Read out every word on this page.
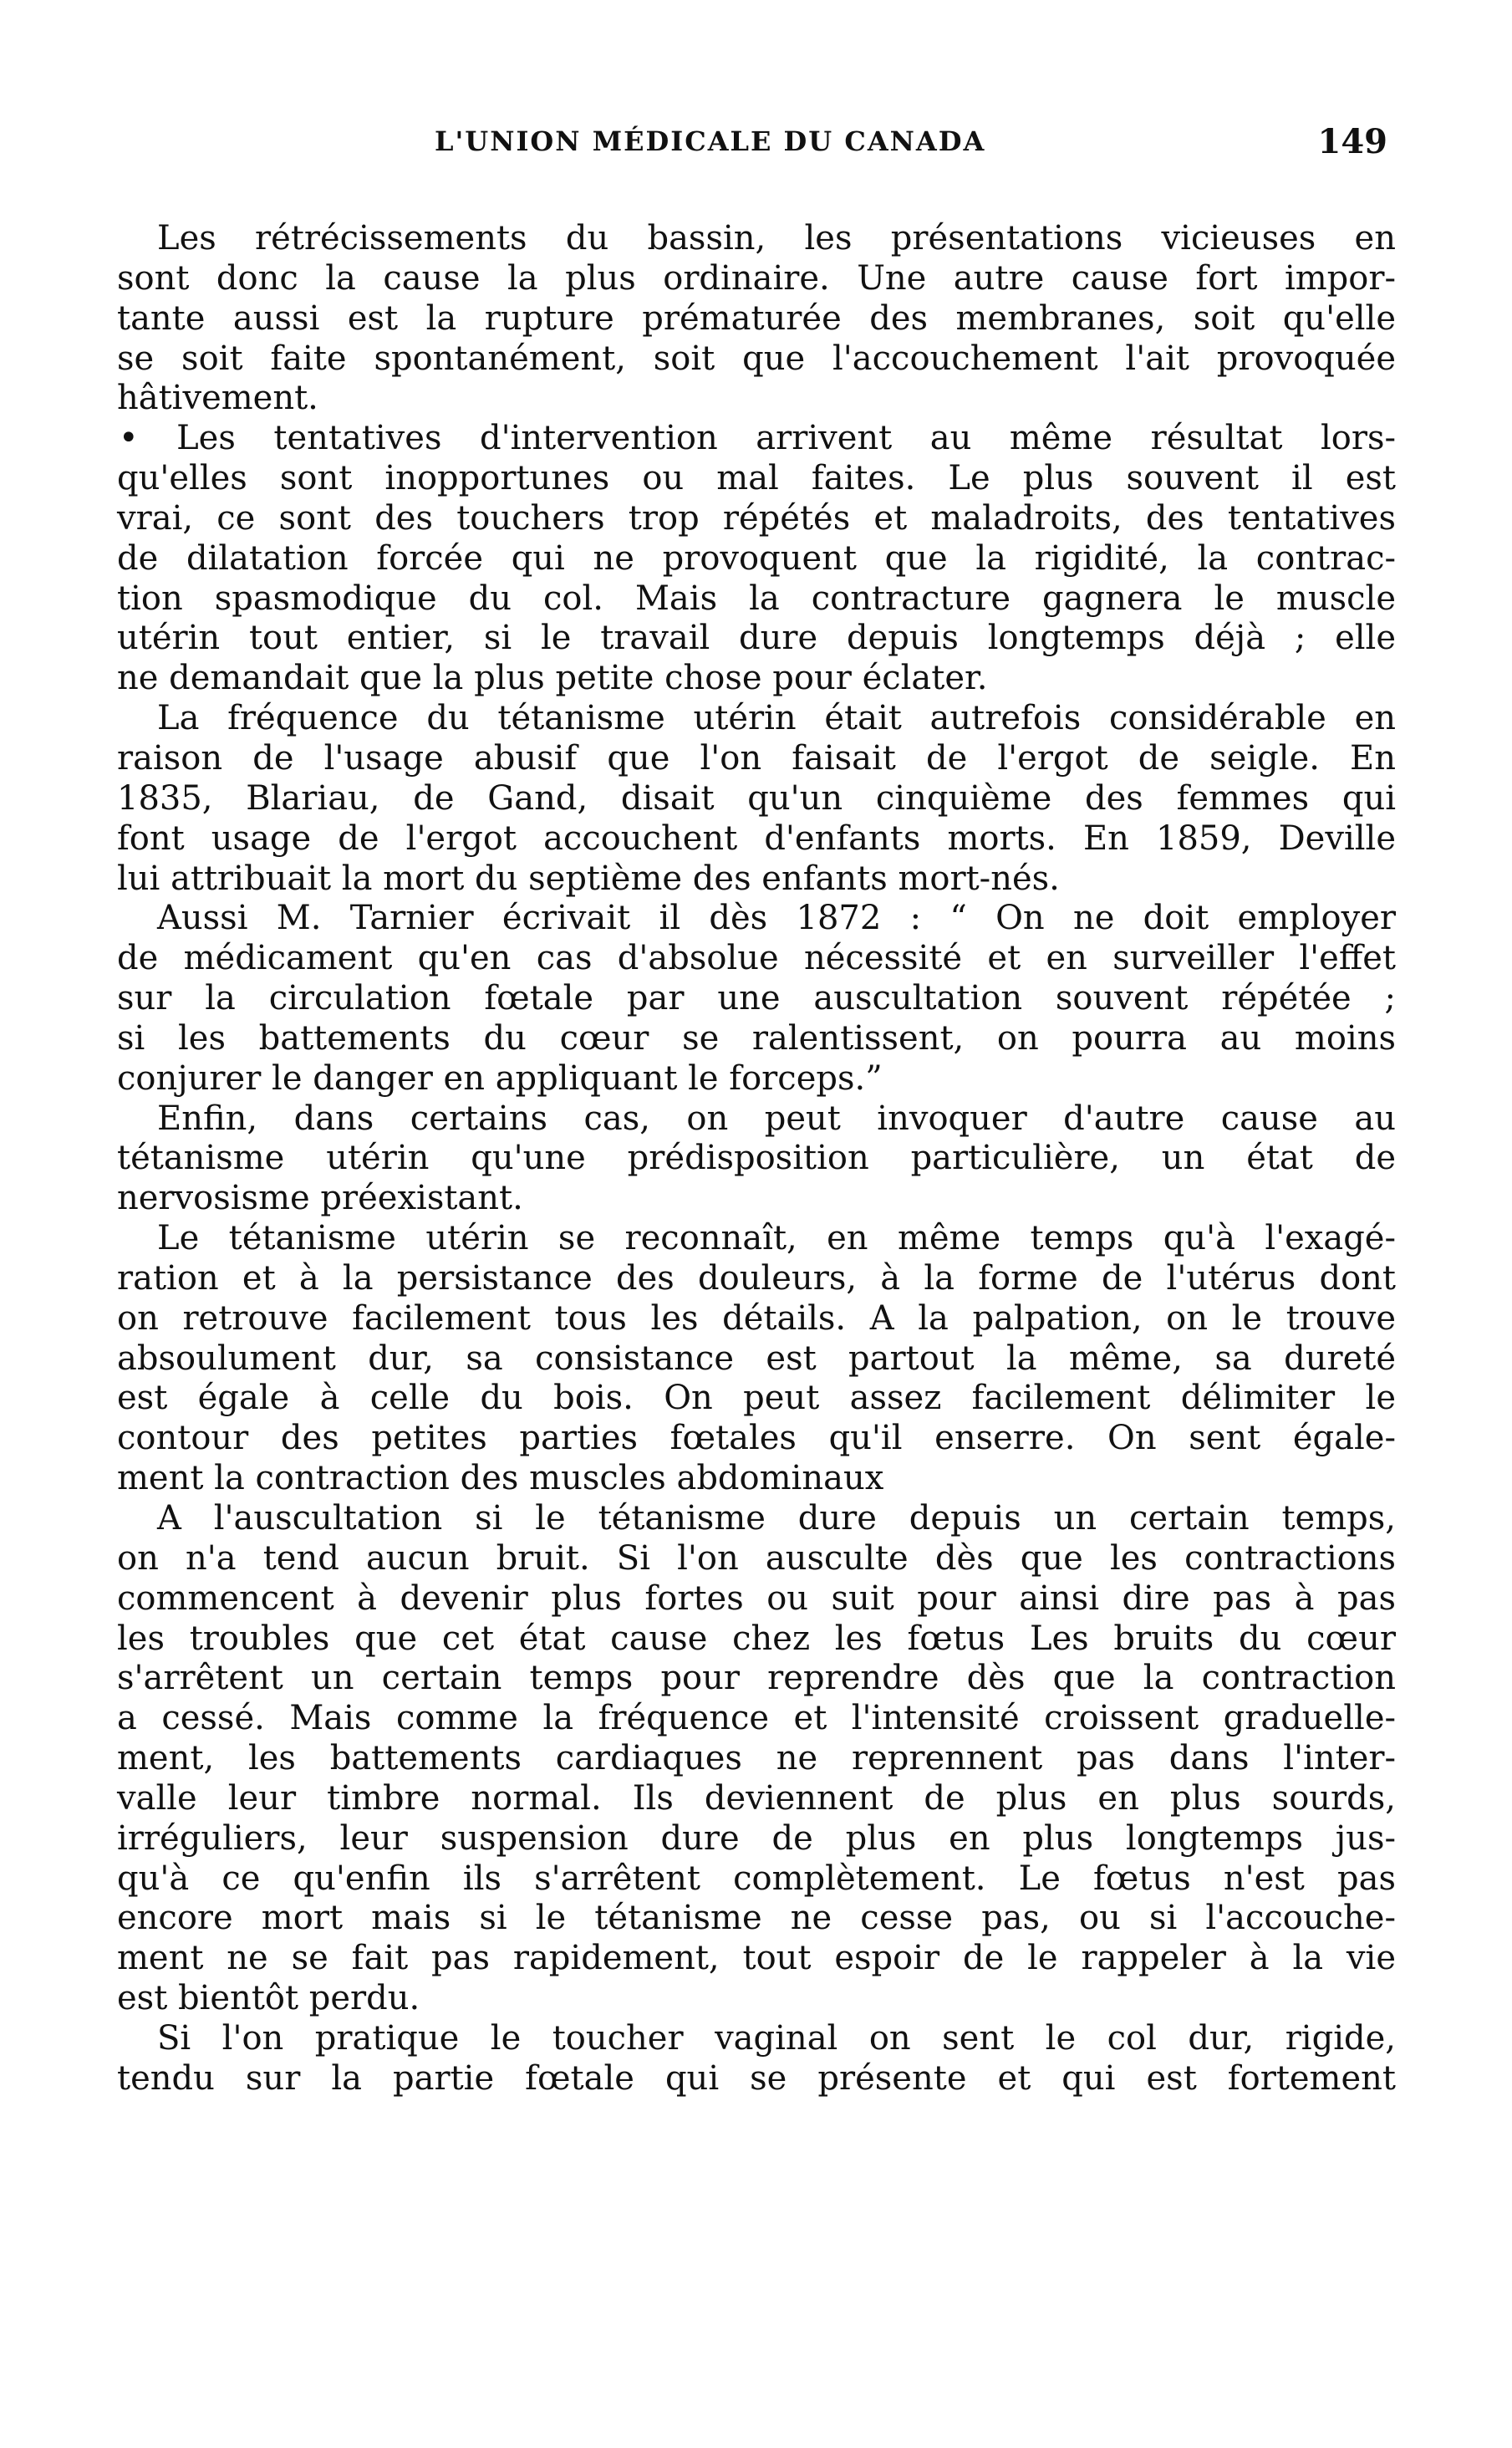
L'UNION MÉDICALE DU CANADA	149
Les rétrécissements du bassin, les présentations vicieuses en
sont donc la cause la plus ordinaire. Une autre cause fort impor-
tante aussi est la rupture prématurée des membranes, soit qu'elle
se soit faite spontanément, soit que l'accouchement l'ait provoquée
hâtivement.
• Les tentatives d'intervention arrivent au même résultat lors-
qu'elles sont inopportunes ou mal faites. Le plus souvent il est
vrai, ce sont des touchers trop répétés et maladroits, des tentatives
de dilatation forcée qui ne provoquent que la rigidité, la contrac-
tion spasmodique du col. Mais la contracture gagnera le muscle
utérin tout entier, si le travail dure depuis longtemps déjà ; elle
ne demandait que la plus petite chose pour éclater.
La fréquence du tétanisme utérin était autrefois considérable en
raison de l'usage abusif que l'on faisait de l'ergot de seigle. En
1835, Blariau, de Gand, disait qu'un cinquième des femmes qui
font usage de l'ergot accouchent d'enfants morts. En 1859, Deville
lui attribuait la mort du septième des enfants mort-nés.
Aussi M. Tarnier écrivait il dès 1872 : “ On ne doit employer
de médicament qu'en cas d'absolue nécessité et en surveiller l'effet
sur la circulation fœtale par une auscultation souvent répétée ;
si les battements du cœur se ralentissent, on pourra au moins
conjurer le danger en appliquant le forceps.”
Enfin, dans certains cas, on peut invoquer d'autre cause au
tétanisme utérin qu'une prédisposition particulière, un état de
nervosisme préexistant.
Le tétanisme utérin se reconnaît, en même temps qu'à l'exagé-
ration et à la persistance des douleurs, à la forme de l'utérus dont
on retrouve facilement tous les détails. A la palpation, on le trouve
absoulument dur, sa consistance est partout la même, sa dureté
est égale à celle du bois. On peut assez facilement délimiter le
contour des petites parties fœtales qu'il enserre. On sent égale-
ment la contraction des muscles abdominaux
A l'auscultation si le tétanisme dure depuis un certain temps,
on n'a tend aucun bruit. Si l'on ausculte dès que les contractions
commencent à devenir plus fortes ou suit pour ainsi dire pas à pas
les troubles que cet état cause chez les fœtus Les bruits du cœur
s'arrêtent un certain temps pour reprendre dès que la contraction
a cessé. Mais comme la fréquence et l'intensité croissent graduelle-
ment, les battements cardiaques ne reprennent pas dans l'inter-
valle leur timbre normal. Ils deviennent de plus en plus sourds,
irréguliers, leur suspension dure de plus en plus longtemps jus-
qu'à ce qu'enfin ils s'arrêtent complètement. Le fœtus n'est pas
encore mort mais si le tétanisme ne cesse pas, ou si l'accouche-
ment ne se fait pas rapidement, tout espoir de le rappeler à la vie
est bientôt perdu.
Si l'on pratique le toucher vaginal on sent le col dur, rigide,
tendu sur la partie fœtale qui se présente et qui est fortement
